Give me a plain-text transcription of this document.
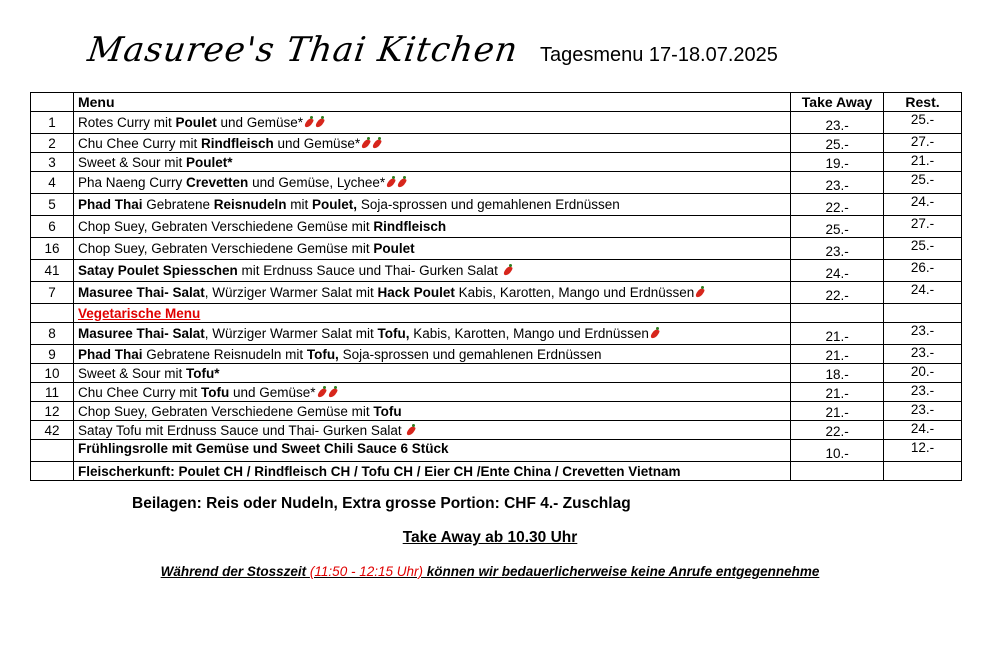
Masuree's Thai Kitchen Tagesmenu 17-18.07.2025
	Menu	Take Away	Rest.
1	Rotes Curry mit Poulet und Gemüse*	23.-	25.-
2	Chu Chee Curry mit Rindfleisch und Gemüse*	25.-	27.-
3	Sweet & Sour mit Poulet*	19.-	21.-
4	Pha Naeng Curry Crevetten und Gemüse, Lychee*	23.-	25.-
5	Phad Thai Gebratene Reisnudeln mit Poulet, Soja-sprossen und gemahlenen Erdnüssen	22.-	24.-
6	Chop Suey, Gebraten Verschiedene Gemüse mit Rindfleisch	25.-	27.-
16	Chop Suey, Gebraten Verschiedene Gemüse mit Poulet	23.-	25.-
41	Satay Poulet Spiesschen mit Erdnuss Sauce und Thai- Gurken Salat	24.-	26.-
7	Masuree Thai- Salat, Würziger Warmer Salat mit Hack Poulet Kabis, Karotten, Mango und Erdnüssen	22.-	24.-
	Vegetarische Menu		
8	Masuree Thai- Salat, Würziger Warmer Salat mit Tofu, Kabis, Karotten, Mango und Erdnüssen	21.-	23.-
9	Phad Thai Gebratene Reisnudeln mit Tofu, Soja-sprossen und gemahlenen Erdnüssen	21.-	23.-
10	Sweet & Sour mit Tofu*	18.-	20.-
11	Chu Chee Curry mit Tofu und Gemüse*	21.-	23.-
12	Chop Suey, Gebraten Verschiedene Gemüse mit Tofu	21.-	23.-
42	Satay Tofu mit Erdnuss Sauce und Thai- Gurken Salat	22.-	24.-
	Frühlingsrolle mit Gemüse und Sweet Chili Sauce 6 Stück	10.-	12.-
	Fleischerkunft: Poulet CH / Rindfleisch CH / Tofu CH / Eier CH /Ente China / Crevetten Vietnam		
Beilagen: Reis oder Nudeln, Extra grosse Portion: CHF 4.- Zuschlag
Take Away ab 10.30 Uhr
Während der Stosszeit (11:50 - 12:15 Uhr) können wir bedauerlicherweise keine Anrufe entgegennehme
